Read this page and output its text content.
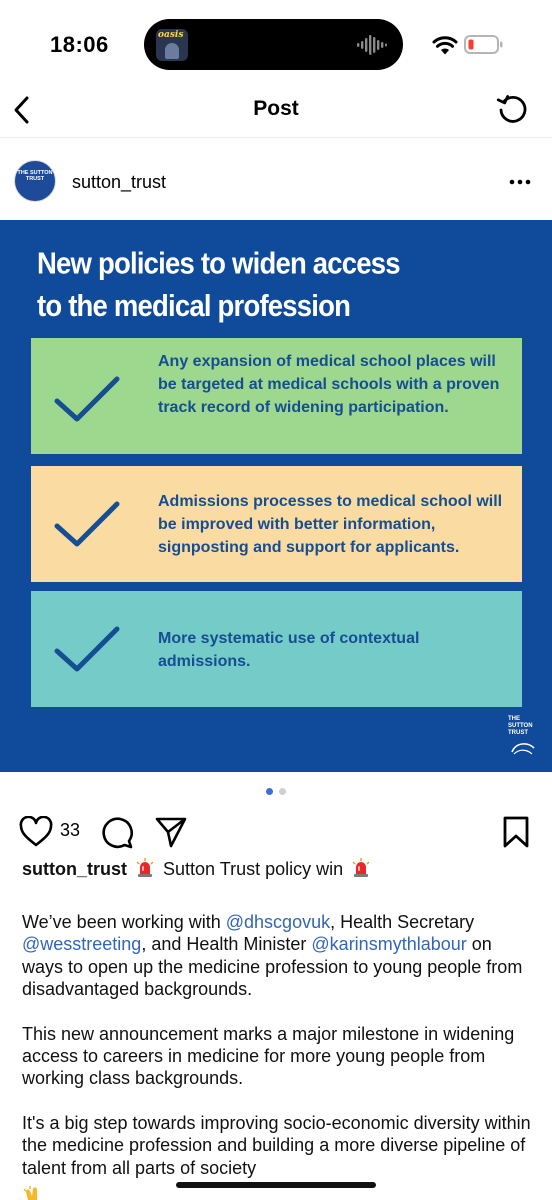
18:06	oasis
Post
THE SUTTON TRUST	sutton_trust
New policies to widen access
to the medical profession
Any expansion of medical school places will be targeted at medical schools with a proven track record of widening participation.
Admissions processes to medical school will be improved with better information, signposting and support for applicants.
More systematic use of contextual admissions.
THE SUTTON TRUST

33
sutton_trust Sutton Trust policy win
We’ve been working with @dhscgovuk, Health Secretary @wesstreeting, and Health Minister @karinsmythlabour on ways to open up the medicine profession to young people from disadvantaged backgrounds.
This new announcement marks a major milestone in widening access to careers in medicine for more young people from working class backgrounds.
It's a big step towards improving socio-economic diversity within the medicine profession and building a more diverse pipeline of talent from all parts of society
